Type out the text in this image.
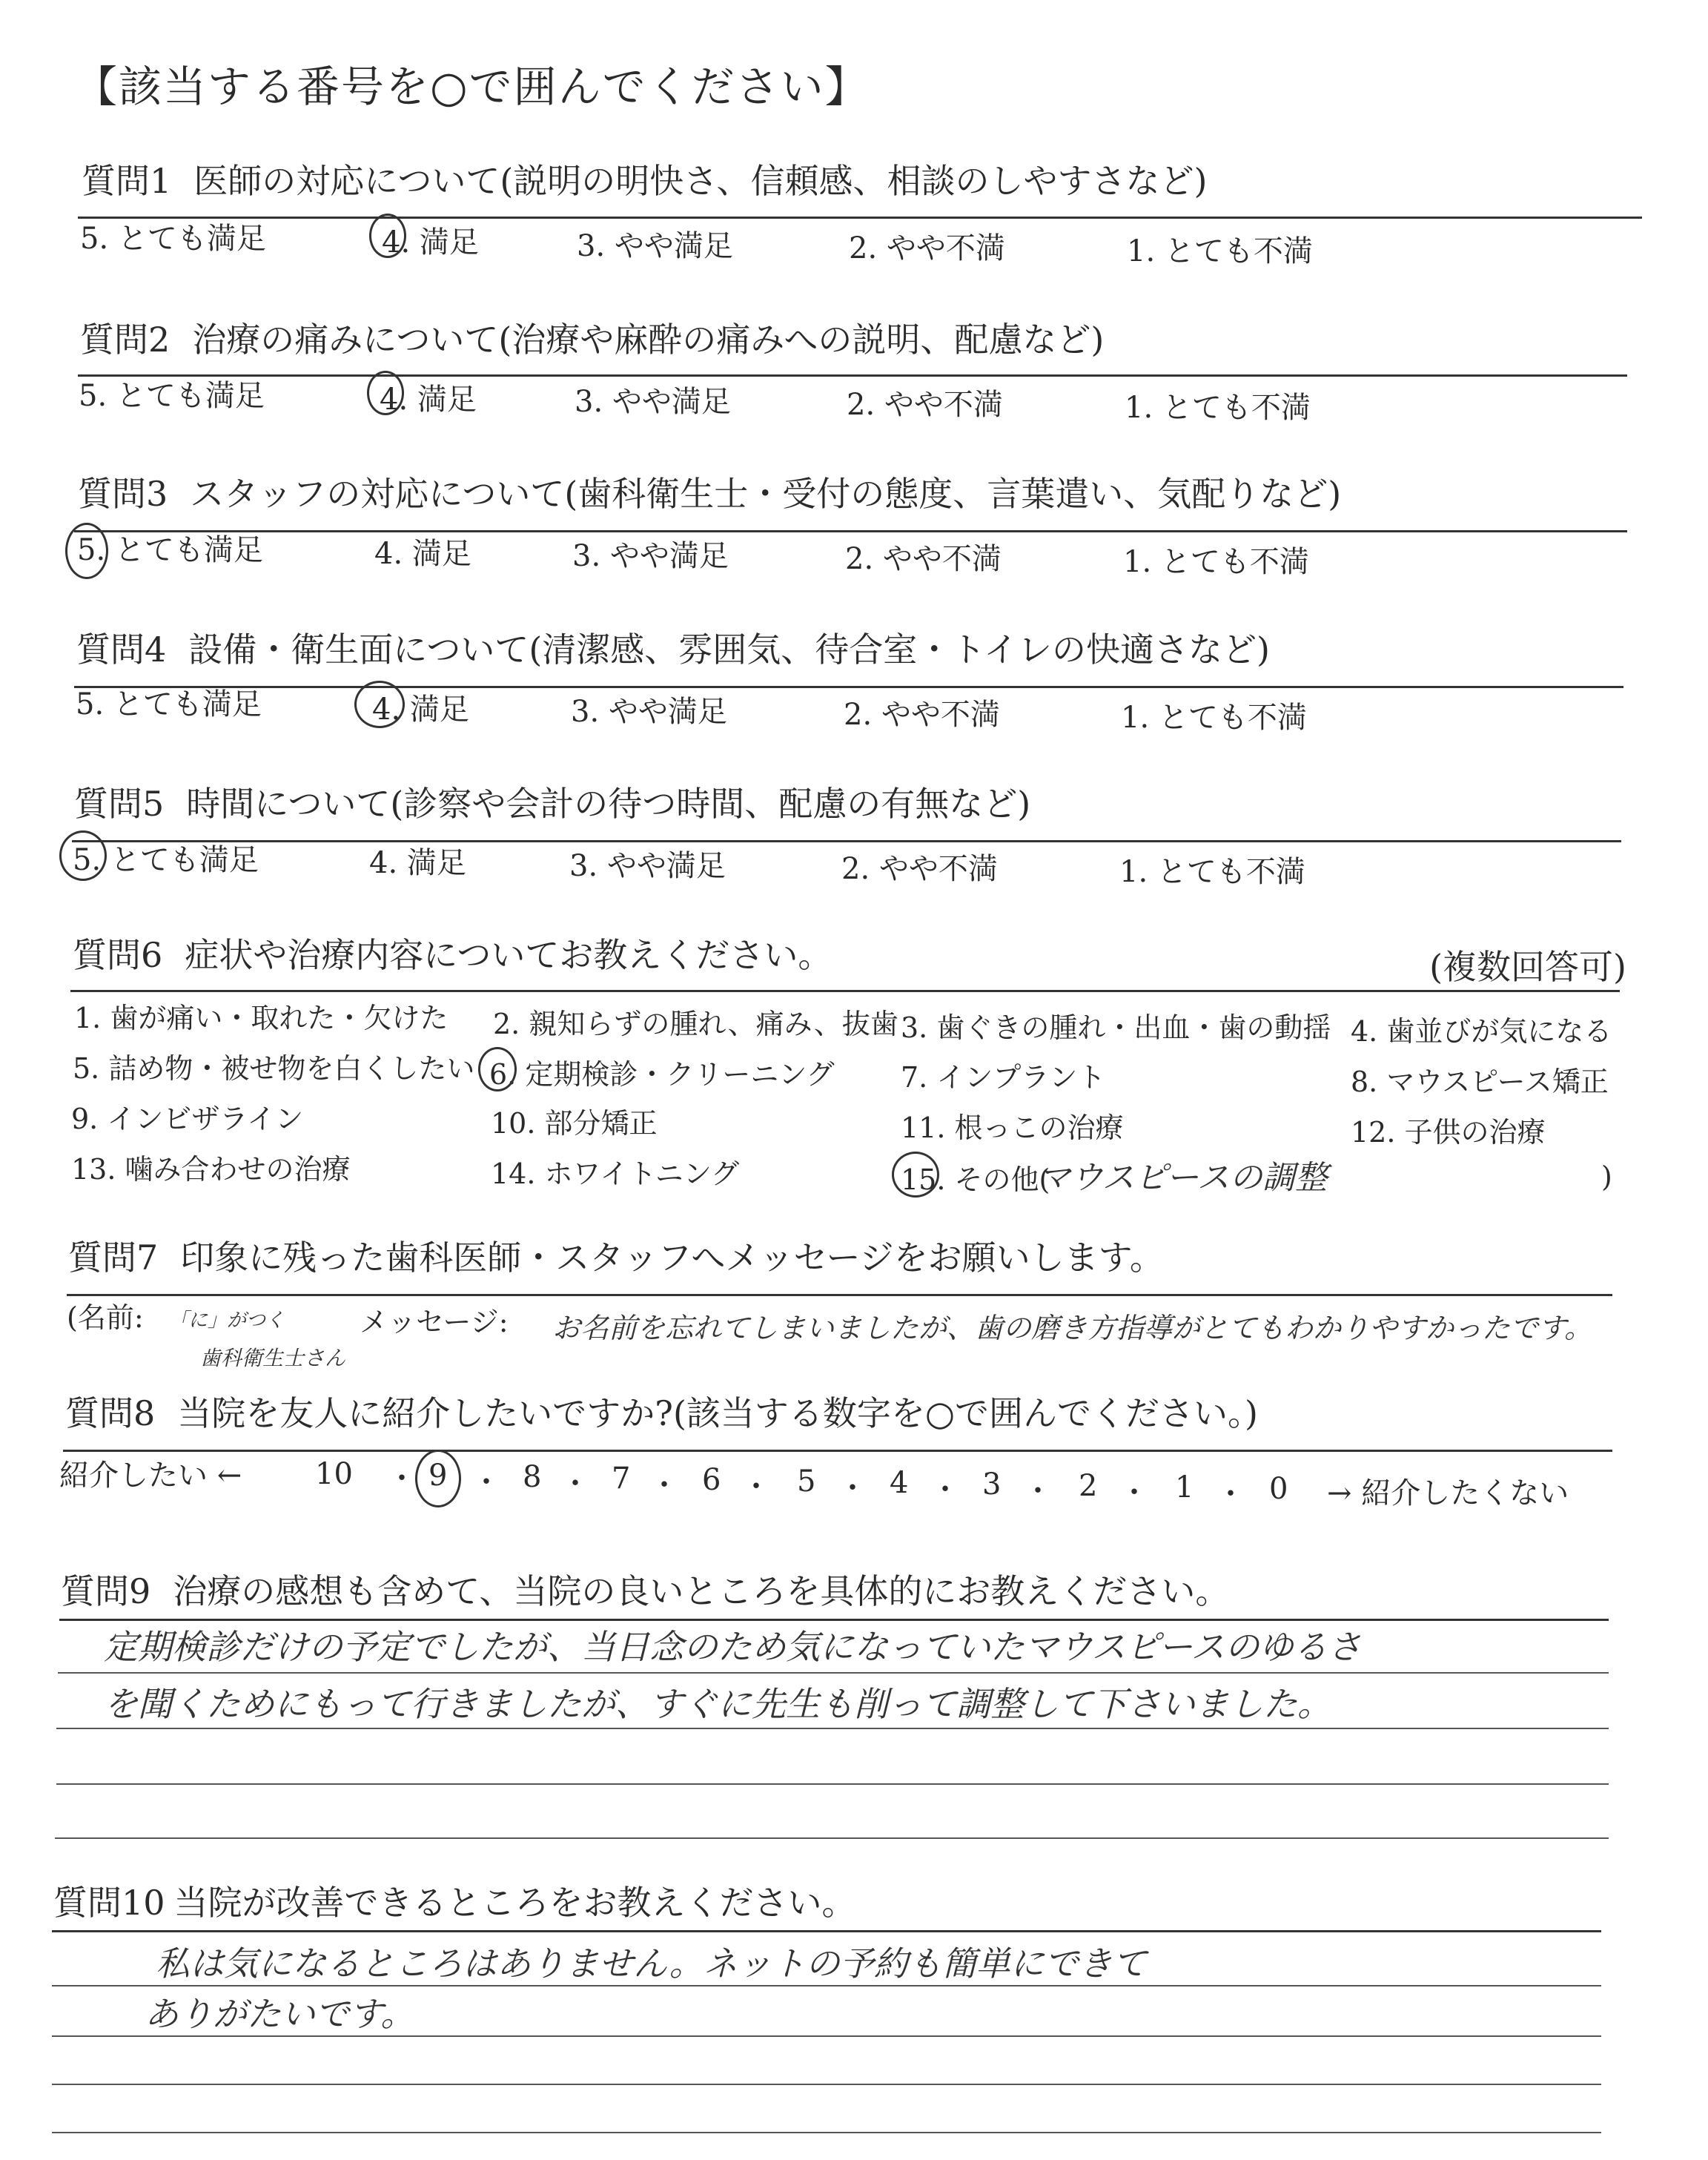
【該当する番号を○で囲んでください】
質問1 医師の対応について(説明の明快さ、信頼感、相談のしやすさなど)
5. とても満足	4. 満足	3. やや満足	2. やや不満	1. とても不満
質問2 治療の痛みについて(治療や麻酔の痛みへの説明、配慮など)
5. とても満足	4. 満足	3. やや満足	2. やや不満	1. とても不満
質問3 スタッフの対応について(歯科衛生士・受付の態度、言葉遣い、気配りなど)
5. とても満足	4. 満足	3. やや満足	2. やや不満	1. とても不満
質問4 設備・衛生面について(清潔感、雰囲気、待合室・トイレの快適さなど)
5. とても満足	4. 満足	3. やや満足	2. やや不満	1. とても不満
質問5 時間について(診察や会計の待つ時間、配慮の有無など)
5. とても満足	4. 満足	3. やや満足	2. やや不満	1. とても不満
質問6 症状や治療内容についてお教えください。	(複数回答可)
1. 歯が痛い・取れた・欠けた 2. 親知らずの腫れ、痛み、抜歯 3. 歯ぐきの腫れ・出血・歯の動揺 4. 歯並びが気になる
5. 詰め物・被せ物を白くしたい 6. 定期検診・クリーニング 7. インプラント	8. マウスピース矯正
9. インビザライン	10. 部分矯正	11. 根っこの治療	12. 子供の治療
13. 噛み合わせの治療	14. ホワイトニング	15. その他(
マウスピースの調整	)
質問7 印象に残った歯科医師・スタッフへメッセージをお願いします。
(名前: 「に」がつく
歯科衛生士さん
メッセージ: お名前を忘れてしまいましたが、歯の磨き方指導がとてもわかりやすかったです。
質問8 当院を友人に紹介したいですか?(該当する数字を○で囲んでください。)
紹介したい ← 10 ・ 9 ・ 8 ・ 7 ・ 6 ・ 5 ・ 4 ・ 3 ・ 2 ・ 1 ・ 0 → 紹介したくない
質問9 治療の感想も含めて、当院の良いところを具体的にお教えください。
定期検診だけの予定でしたが、当日念のため気になっていたマウスピースのゆるさ
を聞くためにもって行きましたが、すぐに先生も削って調整して下さいました。
質問10 当院が改善できるところをお教えください。
私は気になるところはありません。ネットの予約も簡単にできて
ありがたいです。
